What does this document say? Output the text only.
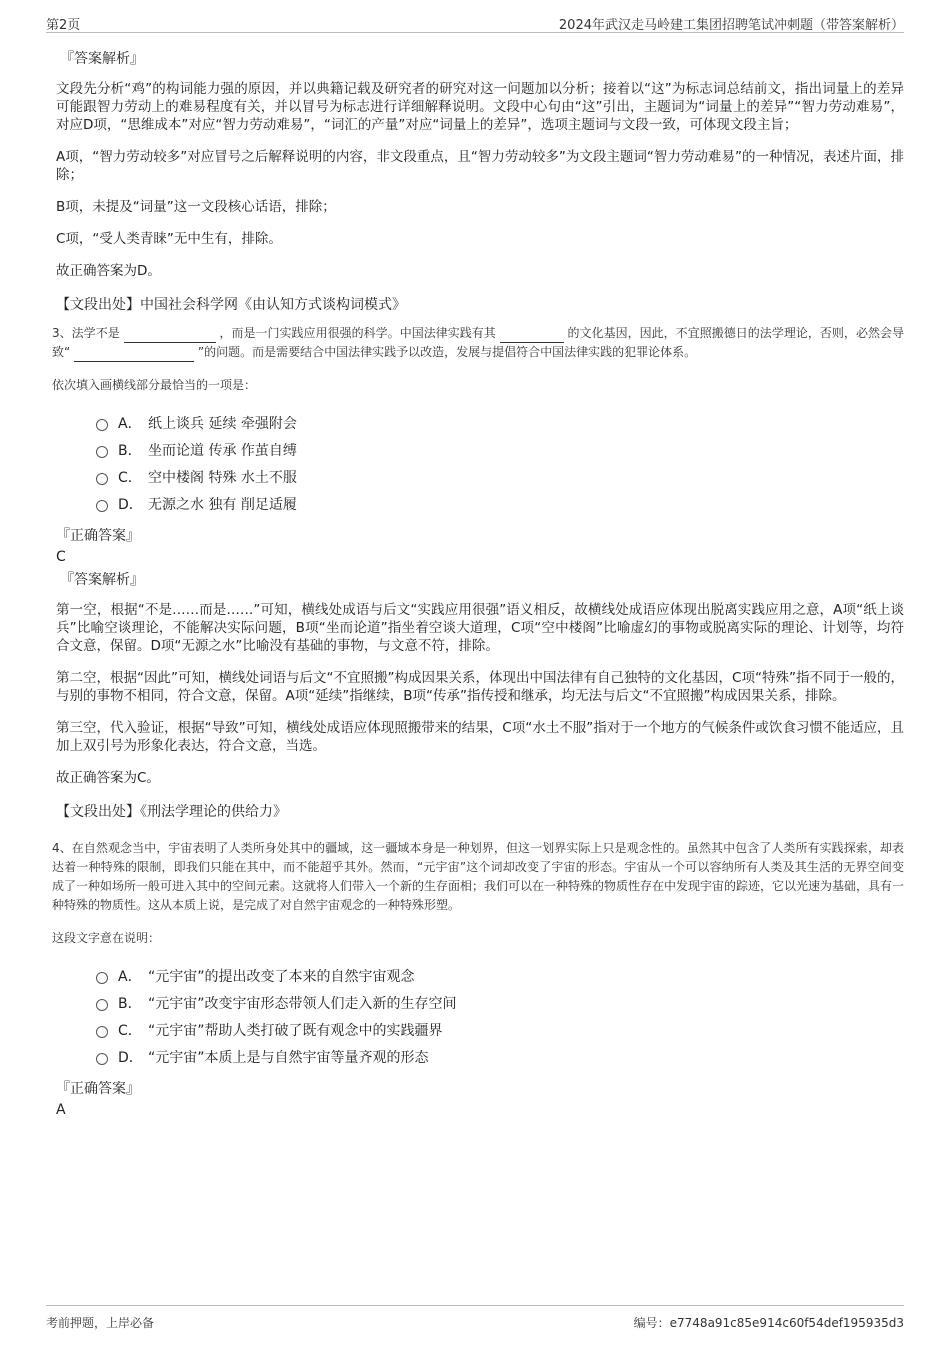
第2页	2024年武汉走马岭建工集团招聘笔试冲刺题（带答案解析）
『答案解析』

文段先分析“鸡”的构词能力强的原因，并以典籍记载及研究者的研究对这一问题加以分析；接着以“这”为标志词总结前文，指出词量上的差异可能跟智力劳动上的难易程度有关，并以冒号为标志进行详细解释说明。文段中心句由“这”引出，主题词为“词量上的差异”“智力劳动难易”，对应D项，“思维成本”对应“智力劳动难易”，“词汇的产量”对应“词量上的差异”，选项主题词与文段一致，可体现文段主旨；

A项，“智力劳动较多”对应冒号之后解释说明的内容，非文段重点，且“智力劳动较多”为文段主题词“智力劳动难易”的一种情况，表述片面，排除；

B项，未提及“词量”这一文段核心话语，排除；

C项，“受人类青睐”无中生有，排除。

故正确答案为D。

【文段出处】中国社会科学网《由认知方式谈构词模式》
3、法学不是	，而是一门实践应用很强的科学。中国法律实践有其	的文化基因，因此，不宜照搬德日的法学理论，否则，必然会导致“	”的问题。而是需要结合中国法律实践予以改造，发展与提倡符合中国法律实践的犯罪论体系。
依次填入画横线部分最恰当的一项是：
A． 纸上谈兵 延续 牵强附会
B． 坐而论道 传承 作茧自缚
C． 空中楼阁 特殊 水土不服
D． 无源之水 独有 削足适履
『正确答案』
C
『答案解析』

第一空，根据“不是……而是……”可知，横线处成语与后文“实践应用很强”语义相反，故横线处成语应体现出脱离实践应用之意，A项“纸上谈兵”比喻空谈理论，不能解决实际问题，B项“坐而论道”指坐着空谈大道理，C项“空中楼阁”比喻虚幻的事物或脱离实际的理论、计划等，均符合文意，保留。D项“无源之水”比喻没有基础的事物，与文意不符，排除。

第二空，根据“因此”可知，横线处词语与后文“不宜照搬”构成因果关系，体现出中国法律有自己独特的文化基因，C项“特殊”指不同于一般的，与别的事物不相同，符合文意，保留。A项“延续”指继续，B项“传承”指传授和继承，均无法与后文“不宜照搬”构成因果关系，排除。

第三空，代入验证，根据“导致”可知，横线处成语应体现照搬带来的结果，C项“水土不服”指对于一个地方的气候条件或饮食习惯不能适应，且加上双引号为形象化表达，符合文意，当选。

故正确答案为C。

【文段出处】《刑法学理论的供给力》
4、在自然观念当中，宇宙表明了人类所身处其中的疆域，这一疆域本身是一种划界，但这一划界实际上只是观念性的。虽然其中包含了人类所有实践探索，却表达着一种特殊的限制，即我们只能在其中，而不能超乎其外。然而，“元宇宙”这个词却改变了宇宙的形态。宇宙从一个可以容纳所有人类及其生活的无界空间变成了一种如场所一般可进入其中的空间元素。这就将人们带入一个新的生存面相；我们可以在一种特殊的物质性存在中发现宇宙的踪迹，它以光速为基础，具有一种特殊的物质性。这从本质上说，是完成了对自然宇宙观念的一种特殊形塑。
这段文字意在说明：
A． “元宇宙”的提出改变了本来的自然宇宙观念
B． “元宇宙”改变宇宙形态带领人们走入新的生存空间
C． “元宇宙”帮助人类打破了既有观念中的实践疆界
D． “元宇宙”本质上是与自然宇宙等量齐观的形态
『正确答案』
A
考前押题，上岸必备	编号：e7748a91c85e914c60f54def195935d3
